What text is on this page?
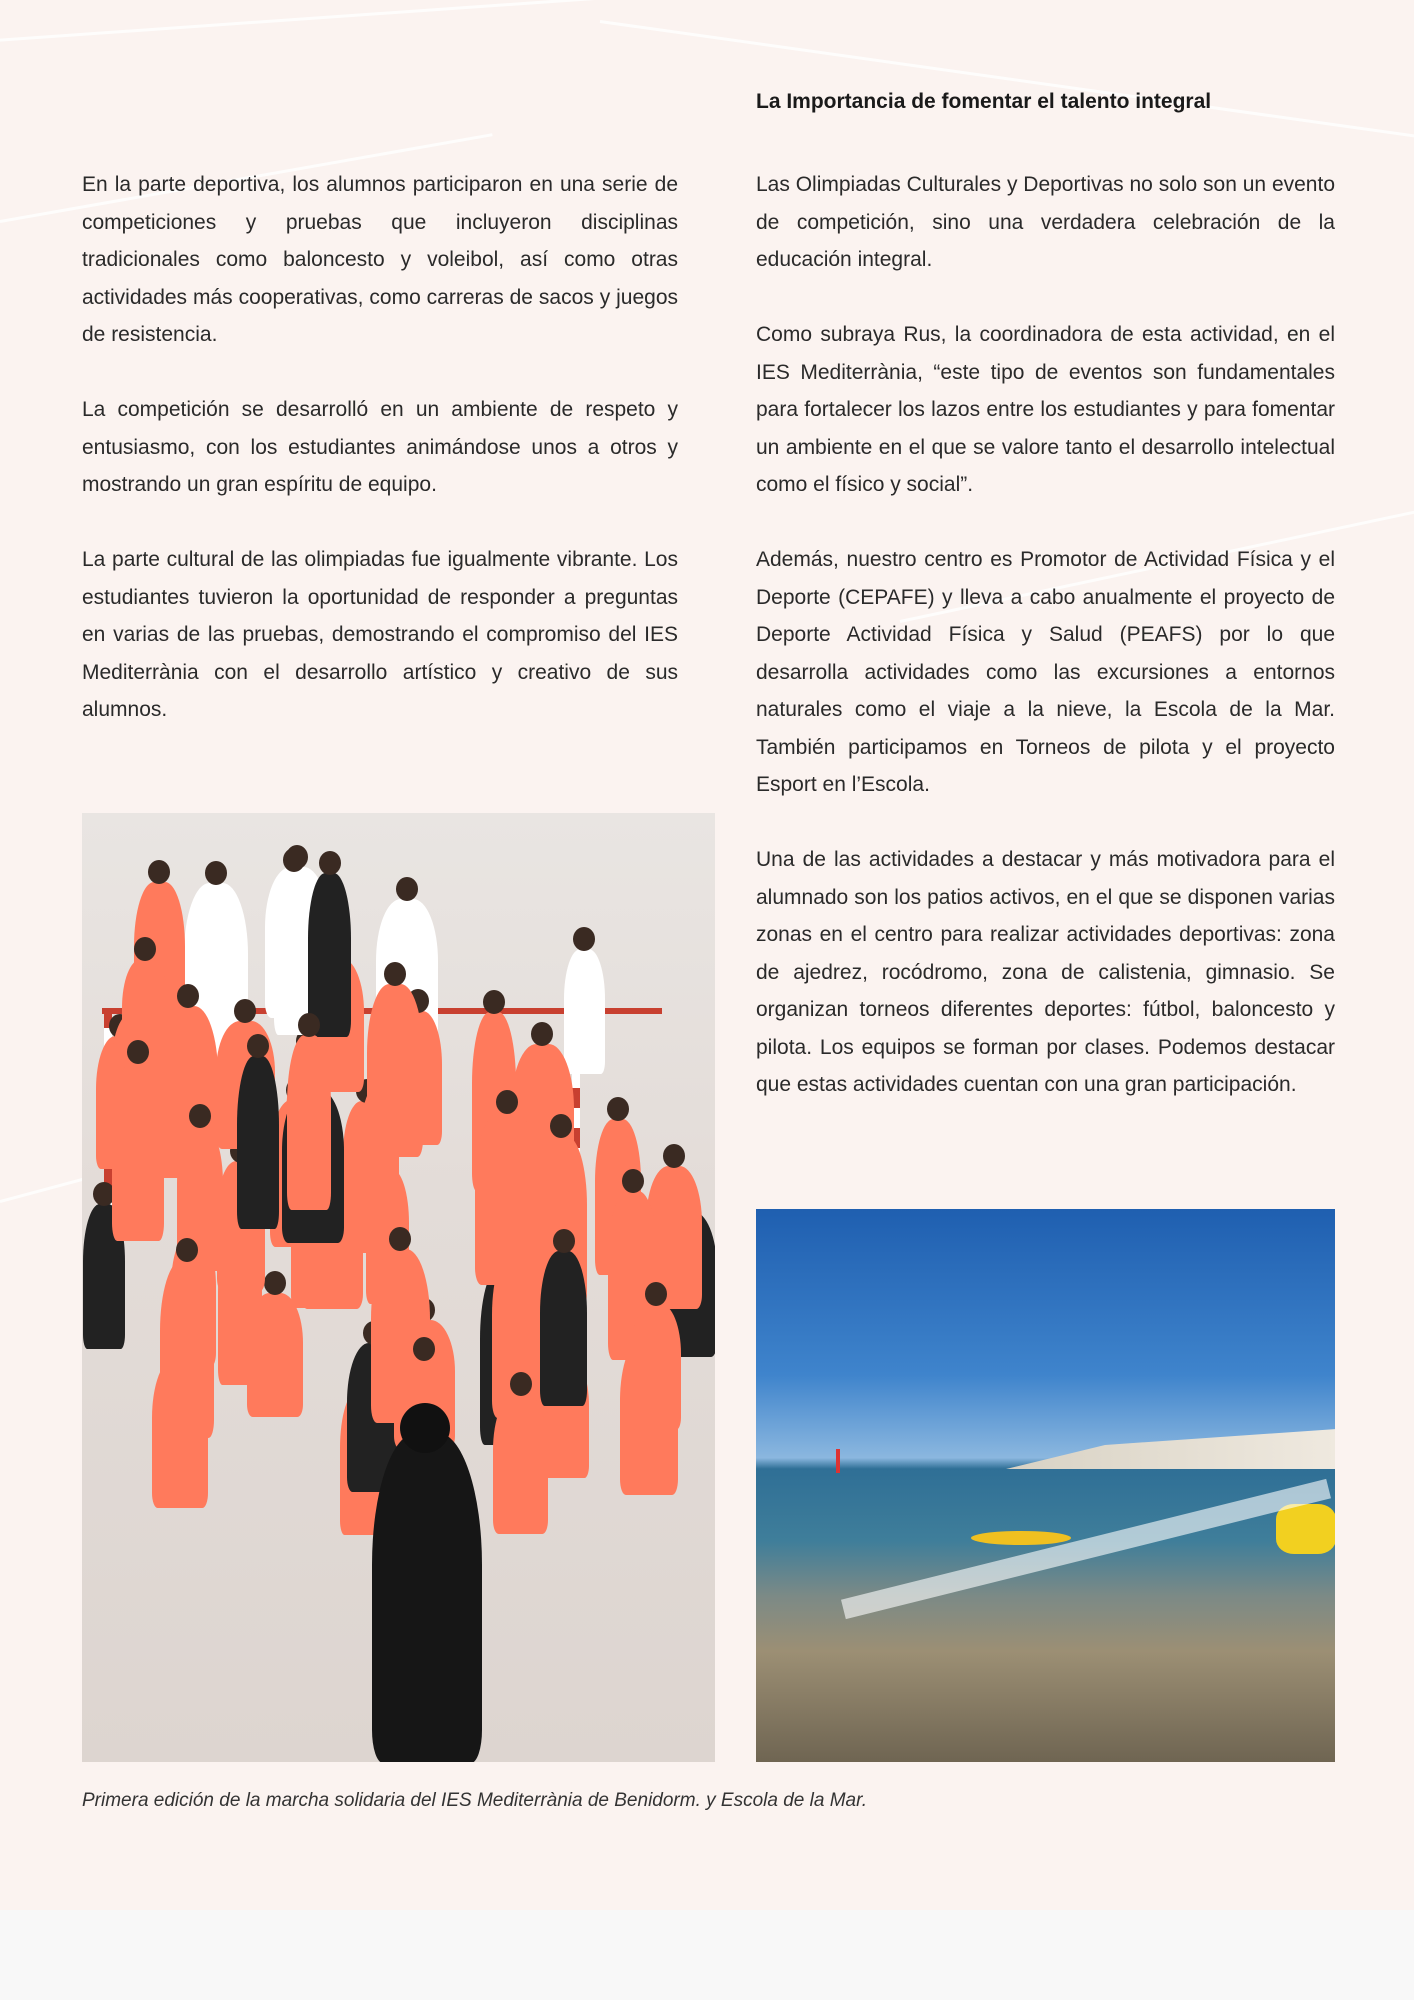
La Importancia de fomentar el talento integral

En la parte deportiva, los alumnos participaron en una serie de competiciones y pruebas que incluyeron disciplinas tradicionales como baloncesto y voleibol, así como otras actividades más cooperativas, como carreras de sacos y juegos de resistencia.

La competición se desarrolló en un ambiente de respeto y entusiasmo, con los estudiantes animándose unos a otros y mostrando un gran espíritu de equipo.

La parte cultural de las olimpiadas fue igualmente vibrante. Los estudiantes tuvieron la oportunidad de responder a preguntas en varias de las pruebas, demostrando el compromiso del IES Mediterrània con el desarrollo artístico y creativo de sus alumnos.

Las Olimpiadas Culturales y Deportivas no solo son un evento de competición, sino una verdadera celebración de la educación integral.

Como subraya Rus, la coordinadora de esta actividad, en el IES Mediterrània, “este tipo de eventos son fundamentales para fortalecer los lazos entre los estudiantes y para fomentar un ambiente en el que se valore tanto el desarrollo intelectual como el físico y social”.

Además, nuestro centro es Promotor de Actividad Física y el Deporte (CEPAFE) y lleva a cabo anualmente el proyecto de Deporte Actividad Física y Salud (PEAFS) por lo que desarrolla actividades como las excursiones a entornos naturales como el viaje a la nieve, la Escola de la Mar. También participamos en Torneos de pilota y el proyecto Esport en l’Escola.

Una de las actividades a destacar y más motivadora para el alumnado son los patios activos, en el que se disponen varias zonas en el centro para realizar actividades deportivas: zona de ajedrez, rocódromo, zona de calistenia, gimnasio. Se organizan torneos diferentes deportes: fútbol, baloncesto y pilota. Los equipos se forman por clases. Podemos destacar que estas actividades cuentan con una gran participación.

Primera edición de la marcha solidaria del IES Mediterrània de Benidorm. y Escola de la Mar.
